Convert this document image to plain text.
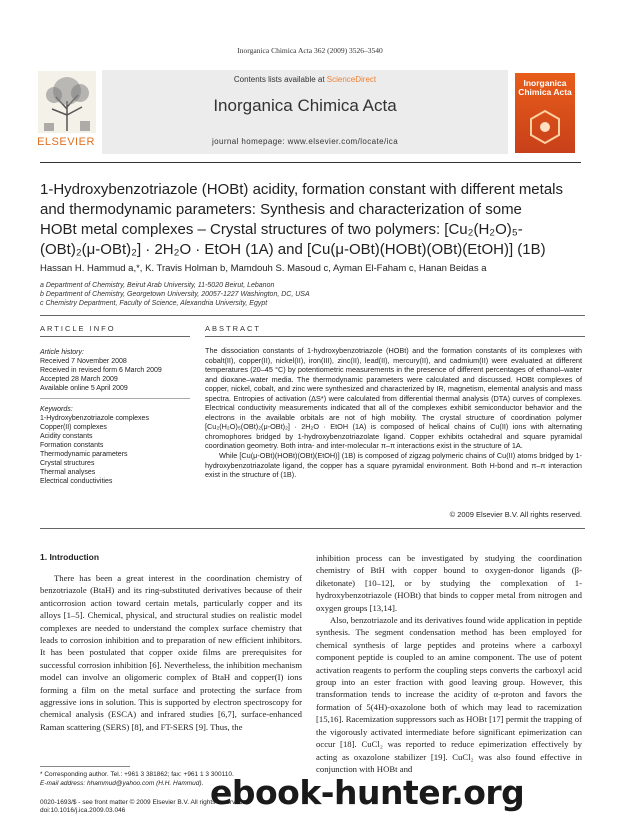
Inorganica Chimica Acta 362 (2009) 3526–3540
ELSEVIER
Contents lists available at ScienceDirect
Inorganica Chimica Acta
journal homepage: www.elsevier.com/locate/ica
Inorganica Chimica Acta
1-Hydroxybenzotriazole (HOBt) acidity, formation constant with different metals
and thermodynamic parameters: Synthesis and characterization of some
HOBt metal complexes – Crystal structures of two polymers: [Cu₂(H₂O)₅-
(OBt)₂(μ-OBt)₂] · 2H₂O · EtOH (1A) and [Cu(μ-OBt)(HOBt)(OBt)(EtOH)] (1B)
Hassan H. Hammud a,*, K. Travis Holman b, Mamdouh S. Masoud c, Ayman El-Faham c, Hanan Beidas a
a Department of Chemistry, Beirut Arab University, 11-5020 Beirut, Lebanon
b Department of Chemistry, Georgetown University, 20057-1227 Washington, DC, USA
c Chemistry Department, Faculty of Science, Alexandria University, Egypt
ARTICLE INFO	ABSTRACT
Article history:
Received 7 November 2008
Received in revised form 6 March 2009
Accepted 28 March 2009
Available online 5 April 2009
Keywords:
1-Hydroxybenzotriazole complexes
Copper(II) complexes
Acidity constants
Formation constants
Thermodynamic parameters
Crystal structures
Thermal analyses
Electrical conductivities
The dissociation constants of 1-hydroxybenzotriazole (HOBt) and the formation constants of its complexes with cobalt(II), copper(II), nickel(II), iron(III), zinc(II), lead(II), mercury(II), and cadmium(II) were evaluated at different temperatures (20–45 °C) by potentiometric measurements in the presence of different percentages of ethanol–water and dioxane–water media. The thermodynamic parameters were calculated and discussed. HOBt complexes of copper, nickel, cobalt, and zinc were synthesized and characterized by IR, magnetism, elemental analysis and mass spectra. Entropies of activation (ΔS*) were calculated from differential thermal analysis (DTA) curves of complexes. Electrical conductivity measurements indicated that all of the complexes exhibit semiconductor behavior and the electrons in the available orbitals are not of high mobility. The crystal structure of coordination polymer [Cu₂(H₂O)₅(OBt)₂(μ-OBt)₂] · 2H₂O · EtOH (1A) is composed of helical chains of Cu(II) ions with alternating chromophores bridged by 1-hydroxybenzotriazolate ligand. Copper exhibits octahedral and square pyramidal coordination geometry. Both intra- and inter-molecular π–π interactions exist in the structure of 1A.
While [Cu(μ-OBt)(HOBt)(OBt)(EtOH)] (1B) is composed of zigzag polymeric chains of Cu(II) atoms bridged by 1-hydroxybenzotriazolate ligand, the copper has a square pyramidal environment. Both H-bond and π–π interaction exist in the structure of (1B).
© 2009 Elsevier B.V. All rights reserved.
1. Introduction

There has been a great interest in the coordination chemistry of benzotriazole (BtaH) and its ring-substituted derivatives because of their anticorrosion action toward certain metals, particularly copper and its alloys [1–5]. Chemical, physical, and structural studies on realistic model complexes are needed to understand the complex surface chemistry that leads to corrosion inhibition and to preparation of new efficient inhibitors. It has been postulated that copper oxide films are prerequisites for successful corrosion inhibition [6]. Nevertheless, the inhibition mechanism model can involve an oligomeric complex of BtaH and copper(I) ions forming a film on the metal surface and protecting the surface from aggressive ions in solution. This is supported by electron spectroscopy for chemical analysis (ESCA) and infrared studies [6,7], surface-enhanced Raman scattering (SERS) [8], and FT-SERS [9]. Thus, the

inhibition process can be investigated by studying the coordination chemistry of BtH with copper bound to oxygen-donor ligands (β-diketonate) [10–12], or by studying the complexation of 1-hydroxybenzotriazole (HOBt) that binds to copper metal from nitrogen and oxygen groups [13,14].

Also, benzotriazole and its derivatives found wide application in peptide synthesis. The segment condensation method has been employed for chemical synthesis of large peptides and proteins where a carboxyl component peptide is coupled to an amine component. The use of potent activation reagents to perform the coupling steps converts the carboxyl acid group into an ester fraction with good leaving group. However, this transformation tends to increase the acidity of α-proton and favors the formation of 5(4H)-oxazolone both of which may lead to racemization [15,16]. Racemization suppressors such as HOBt [17] permit the trapping of the vigorously activated intermediate before significant epimerization can occur [18]. CuCl₂ was reported to reduce epimerization effectively by acting as oxazolone stabilizer [19]. CuCl₂ was also found effective in conjunction with HOBt and

* Corresponding author. Tel.: +961 3 381862; fax: +961 1 3 300110.
E-mail address: hhammud@yahoo.com (H.H. Hammud).
0020-1693/$ - see front matter © 2009 Elsevier B.V. All rights reserved.
doi:10.1016/j.ica.2009.03.046	ebook-hunter.org
